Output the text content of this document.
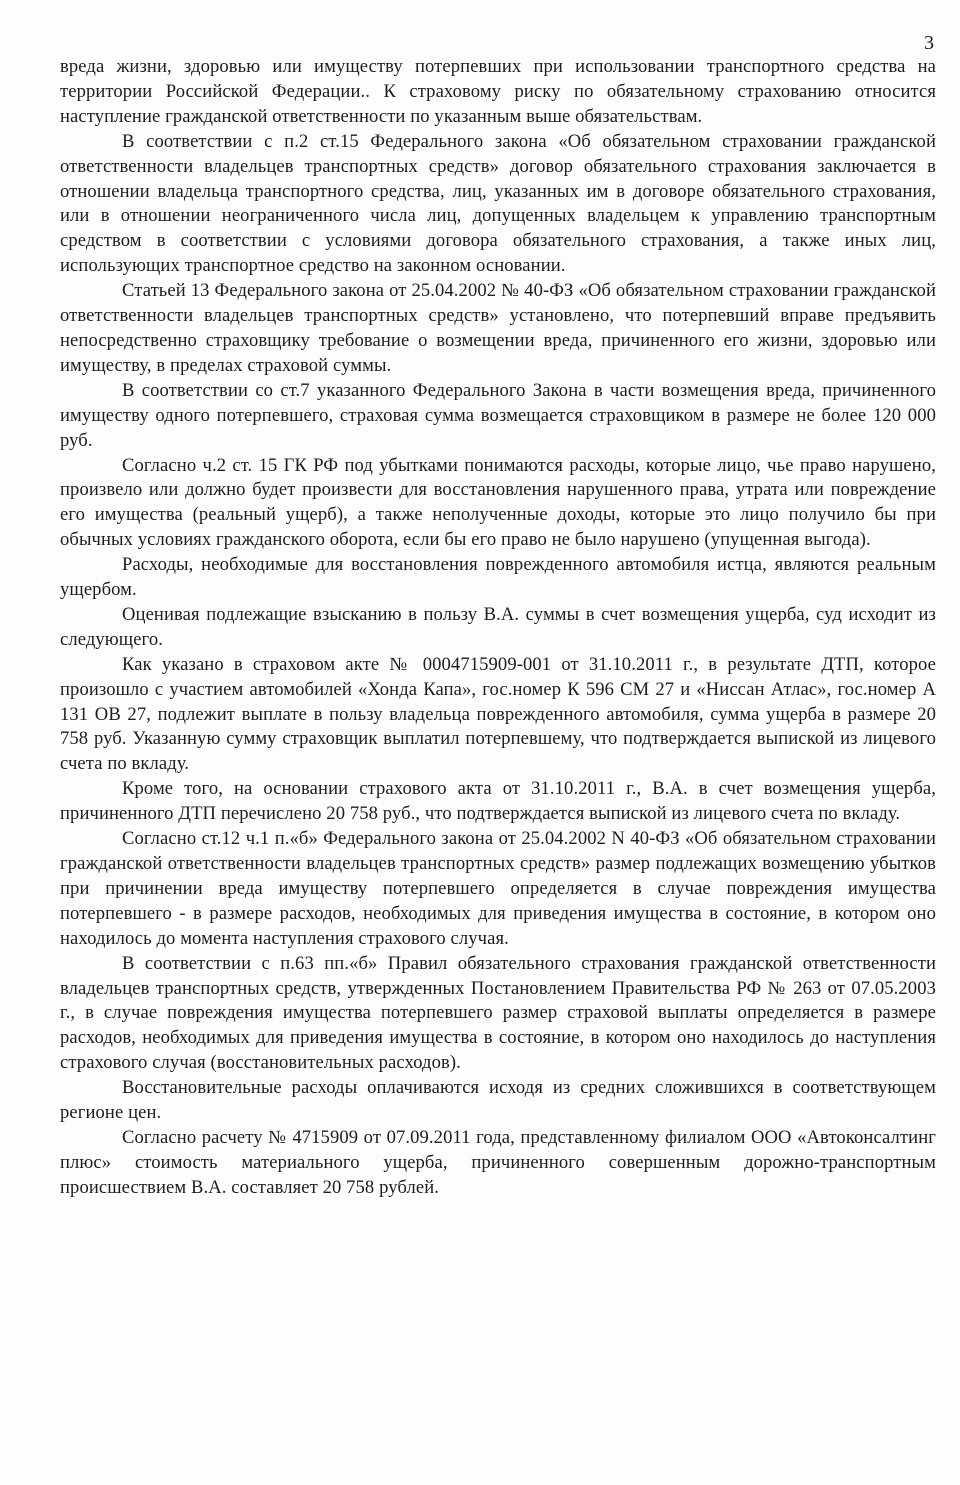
3

вреда жизни, здоровью или имуществу потерпевших при использовании транспортного средства на территории Российской Федерации.. К страховому риску по обязательному страхованию относится наступление гражданской ответственности по указанным выше обязательствам.

В соответствии с п.2 ст.15 Федерального закона «Об обязательном страховании гражданской ответственности владельцев транспортных средств» договор обязательного страхования заключается в отношении владельца транспортного средства, лиц, указанных им в договоре обязательного страхования, или в отношении неограниченного числа лиц, допущенных владельцем к управлению транспортным средством в соответствии с условиями договора обязательного страхования, а также иных лиц, использующих транспортное средство на законном основании.

Статьей 13 Федерального закона от 25.04.2002 № 40-ФЗ «Об обязательном страховании гражданской ответственности владельцев транспортных средств» установлено, что потерпевший вправе предъявить непосредственно страховщику требование о возмещении вреда, причиненного его жизни, здоровью или имуществу, в пределах страховой суммы.

В соответствии со ст.7 указанного Федерального Закона в части возмещения вреда, причиненного имуществу одного потерпевшего, страховая сумма возмещается страховщиком в размере не более 120 000 руб.

Согласно ч.2 ст. 15 ГК РФ под убытками понимаются расходы, которые лицо, чье право нарушено, произвело или должно будет произвести для восстановления нарушенного права, утрата или повреждение его имущества (реальный ущерб), а также неполученные доходы, которые это лицо получило бы при обычных условиях гражданского оборота, если бы его право не было нарушено (упущенная выгода).

Расходы, необходимые для восстановления поврежденного автомобиля истца, являются реальным ущербом.

Оценивая подлежащие взысканию в пользу В.А. суммы в счет возмещения ущерба, суд исходит из следующего.

Как указано в страховом акте № 0004715909-001 от 31.10.2011 г., в результате ДТП, которое произошло с участием автомобилей «Хонда Капа», гос.номер К 596 СМ 27 и «Ниссан Атлас», гос.номер А 131 ОВ 27, подлежит выплате в пользу владельца поврежденного автомобиля, сумма ущерба в размере 20 758 руб. Указанную сумму страховщик выплатил потерпевшему, что подтверждается выпиской из лицевого счета по вкладу.

Кроме того, на основании страхового акта от 31.10.2011 г., В.А. в счет возмещения ущерба, причиненного ДТП перечислено 20 758 руб., что подтверждается выпиской из лицевого счета по вкладу.

Согласно ст.12 ч.1 п.«б» Федерального закона от 25.04.2002 N 40-ФЗ «Об обязательном страховании гражданской ответственности владельцев транспортных средств» размер подлежащих возмещению убытков при причинении вреда имуществу потерпевшего определяется в случае повреждения имущества потерпевшего - в размере расходов, необходимых для приведения имущества в состояние, в котором оно находилось до момента наступления страхового случая.

В соответствии с п.63 пп.«б» Правил обязательного страхования гражданской ответственности владельцев транспортных средств, утвержденных Постановлением Правительства РФ № 263 от 07.05.2003 г., в случае повреждения имущества потерпевшего размер страховой выплаты определяется в размере расходов, необходимых для приведения имущества в состояние, в котором оно находилось до наступления страхового случая (восстановительных расходов).

Восстановительные расходы оплачиваются исходя из средних сложившихся в соответствующем регионе цен.

Согласно расчету № 4715909 от 07.09.2011 года, представленному филиалом ООО «Автоконсалтинг плюс» стоимость материального ущерба, причиненного совершенным дорожно-транспортным происшествием В.А. составляет 20 758 рублей.
